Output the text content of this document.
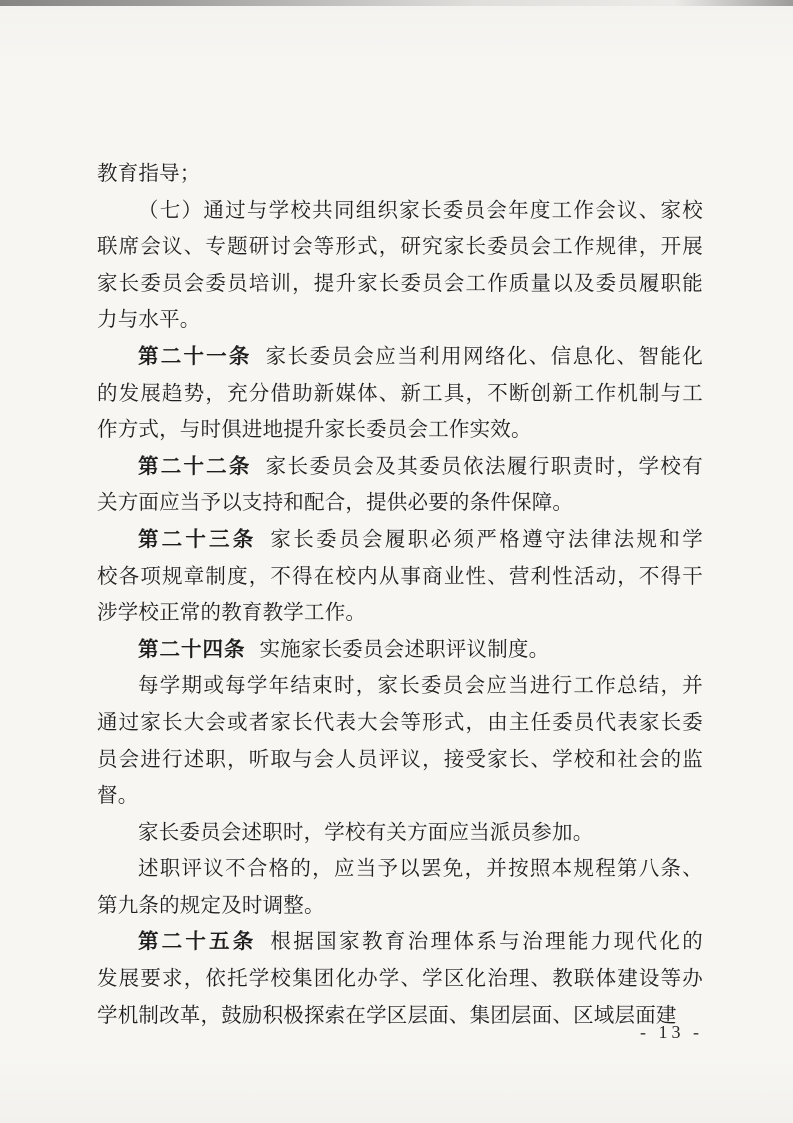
教育指导；
（七）通过与学校共同组织家长委员会年度工作会议、家校
联席会议、专题研讨会等形式，研究家长委员会工作规律，开展
家长委员会委员培训，提升家长委员会工作质量以及委员履职能
力与水平。
第二十一条 家长委员会应当利用网络化、信息化、智能化
的发展趋势，充分借助新媒体、新工具，不断创新工作机制与工
作方式，与时俱进地提升家长委员会工作实效。
第二十二条 家长委员会及其委员依法履行职责时，学校有
关方面应当予以支持和配合，提供必要的条件保障。
第二十三条 家长委员会履职必须严格遵守法律法规和学
校各项规章制度，不得在校内从事商业性、营利性活动，不得干
涉学校正常的教育教学工作。
第二十四条 实施家长委员会述职评议制度。
每学期或每学年结束时，家长委员会应当进行工作总结，并
通过家长大会或者家长代表大会等形式，由主任委员代表家长委
员会进行述职，听取与会人员评议，接受家长、学校和社会的监
督。
家长委员会述职时，学校有关方面应当派员参加。
述职评议不合格的，应当予以罢免，并按照本规程第八条、
第九条的规定及时调整。
第二十五条 根据国家教育治理体系与治理能力现代化的
发展要求，依托学校集团化办学、学区化治理、教联体建设等办
学机制改革，鼓励积极探索在学区层面、集团层面、区域层面建
- 13 -
